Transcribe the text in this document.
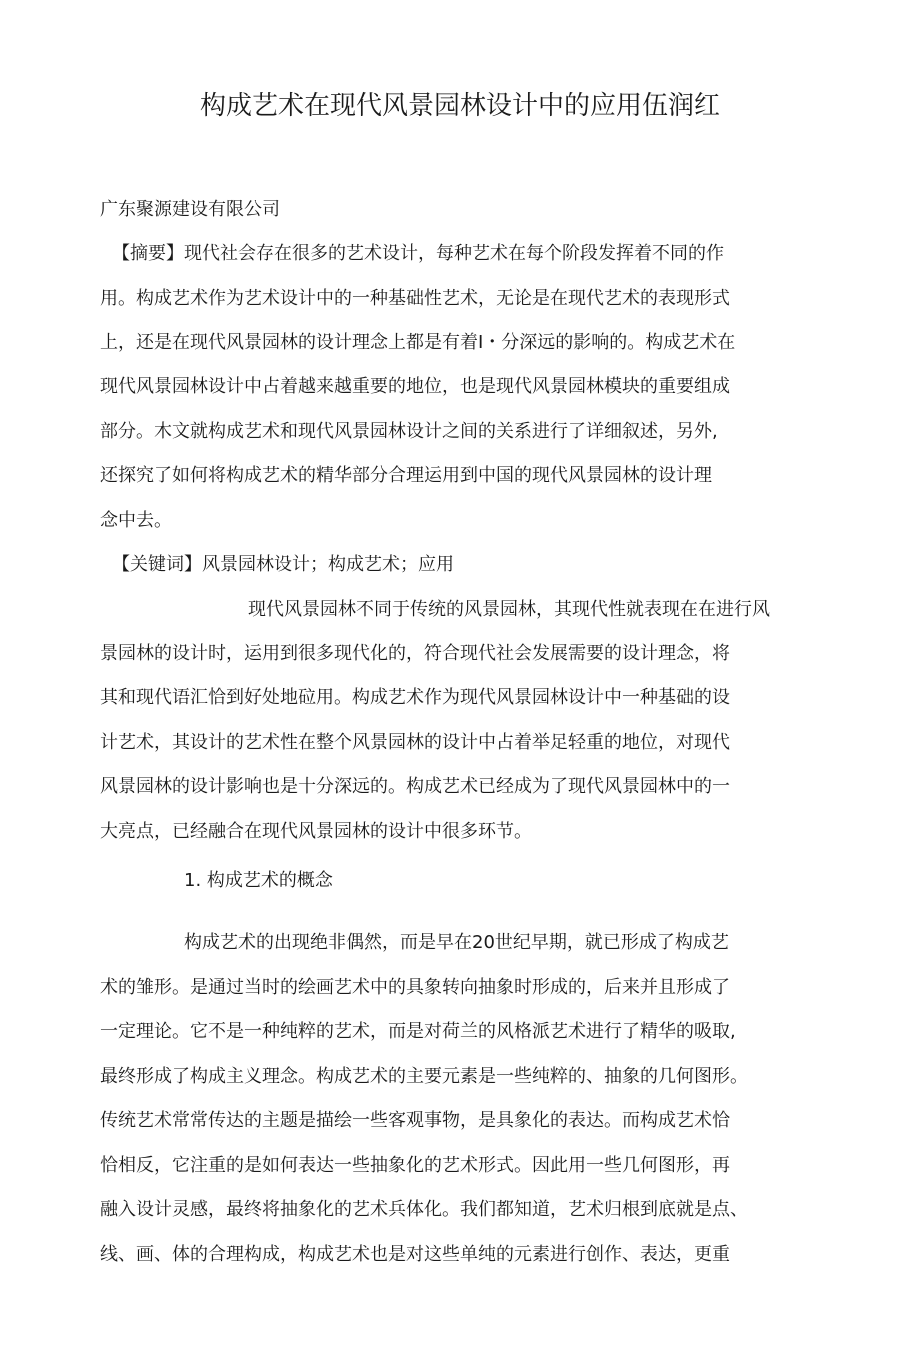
构成艺术在现代风景园林设计中的应用伍润红
广东聚源建设有限公司
【摘要】现代社会存在很多的艺术设计，每种艺术在每个阶段发挥着不同的作
用。构成艺术作为艺术设计中的一种基础性艺术，无论是在现代艺术的表现形式
上，还是在现代风景园林的设计理念上都是有着I・分深远的影响的。构成艺术在
现代风景园林设计中占着越来越重要的地位，也是现代风景园林模块的重要组成
部分。木文就构成艺术和现代风景园林设计之间的关系进行了详细叙述，另外,
还探究了如何将构成艺术的精华部分合理运用到中国的现代风景园林的设计理
念中去。
【关键词】风景园林设计；构成艺术；应用
现代风景园林不同于传统的风景园林，其现代性就表现在在进行风
景园林的设计时，运用到很多现代化的，符合现代社会发展需要的设计理念，将
其和现代语汇恰到好处地砬用。构成艺术作为现代风景园林设计中一种基础的设
计艺术，其设计的艺术性在整个风景园林的设计中占着举足轻重的地位，对现代
风景园林的设计影响也是十分深远的。构成艺术已经成为了现代风景园林中的一
大亮点，已经融合在现代风景园林的设计中很多环节。
1. 构成艺术的概念
构成艺术的出现绝非偶然，而是早在20世纪早期，就已形成了构成艺
术的雏形。是通过当时的绘画艺术中的具象转向抽象时形成的，后来并且形成了
一定理论。它不是一种纯粹的艺术，而是对荷兰的风格派艺术进行了精华的吸取,
最终形成了构成主义理念。构成艺术的主要元素是一些纯粹的、抽象的几何图形。
传统艺术常常传达的主题是描绘一些客观事物，是具象化的表达。而构成艺术恰
恰相反，它注重的是如何表达一些抽象化的艺术形式。因此用一些几何图形，再
融入设计灵感，最终将抽象化的艺术兵体化。我们都知道，艺术归根到底就是点、
线、画、体的合理构成，构成艺术也是对这些单纯的元素进行创作、表达，更重
